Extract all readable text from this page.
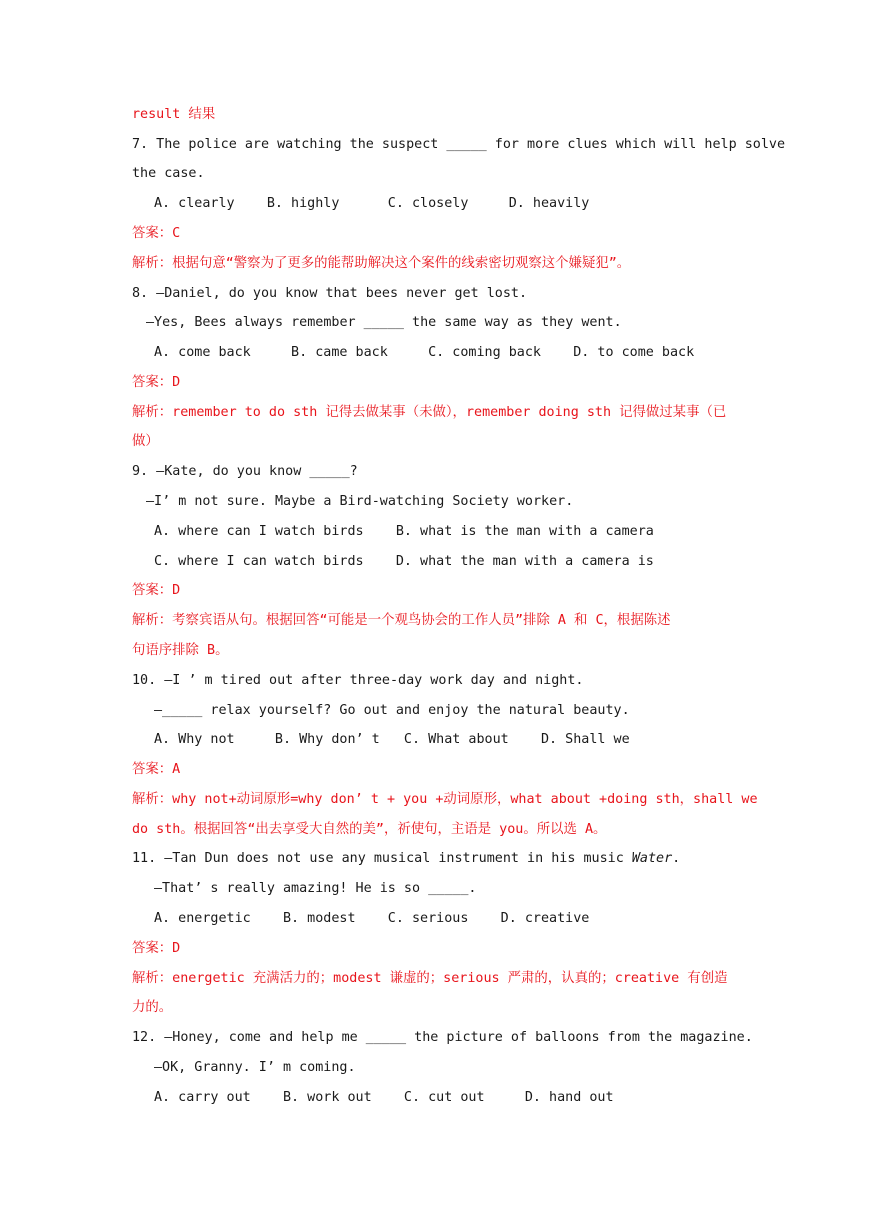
result 结果
7. The police are watching the suspect _____ for more clues which will help solve
the case.
A. clearly    B. highly      C. closely     D. heavily
答案：C
解析：根据句意“警察为了更多的能帮助解决这个案件的线索密切观察这个嫌疑犯”。
8. —Daniel, do you know that bees never get lost.
—Yes, Bees always remember _____ the same way as they went.
A. come back     B. came back     C. coming back    D. to come back
答案：D
解析：remember to do sth 记得去做某事（未做），remember doing sth 记得做过某事（已
做）
9. —Kate, do you know _____?
—I’ m not sure. Maybe a Bird-watching Society worker.
A. where can I watch birds    B. what is the man with a camera
C. where I can watch birds    D. what the man with a camera is
答案：D
解析：考察宾语从句。根据回答“可能是一个观鸟协会的工作人员”排除 A 和 C，根据陈述
句语序排除 B。
10. —I ’ m tired out after three-day work day and night.
—_____ relax yourself? Go out and enjoy the natural beauty.
A. Why not     B. Why don’ t   C. What about    D. Shall we
答案：A
解析：why not+动词原形=why don’ t + you +动词原形，what about +doing sth，shall we
do sth。根据回答“出去享受大自然的美”，祈使句，主语是 you。所以选 A。
11. —Tan Dun does not use any musical instrument in his music Water.
—That’ s really amazing! He is so _____.
A. energetic    B. modest    C. serious    D. creative
答案：D
解析：energetic 充满活力的；modest 谦虚的；serious 严肃的，认真的；creative 有创造
力的。
12. —Honey, come and help me _____ the picture of balloons from the magazine.
—OK, Granny. I’ m coming.
A. carry out    B. work out    C. cut out     D. hand out
